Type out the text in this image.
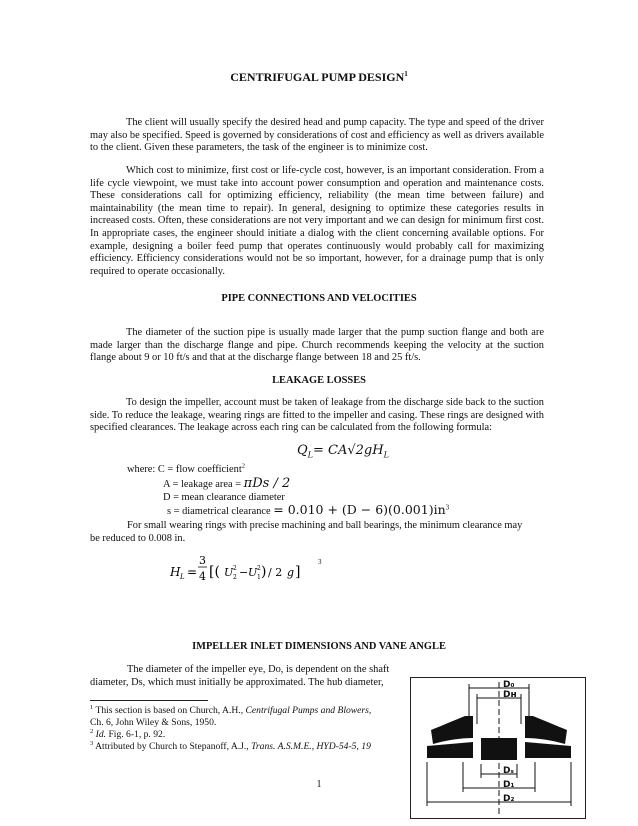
CENTRIFUGAL PUMP DESIGN$^1$
The client will usually specify the desired head and pump capacity. The type and speed of the driver may also be specified. Speed is governed by considerations of cost and efficiency as well as drivers available to the client. Given these parameters, the task of the engineer is to minimize cost.
Which cost to minimize, first cost or life-cycle cost, however, is an important consideration. From a life cycle viewpoint, we must take into account power consumption and operation and maintenance costs. These considerations call for optimizing efficiency, reliability (the mean time between failure) and maintainability (the mean time to repair). In general, designing to optimize these categories results in increased costs. Often, these considerations are not very important and we can design for minimum first cost. In appropriate cases, the engineer should initiate a dialog with the client concerning available options. For example, designing a boiler feed pump that operates continuously would probably call for maximizing efficiency. Efficiency considerations would not be so important, however, for a drainage pump that is only required to operate occasionally.
PIPE CONNECTIONS AND VELOCITIES
The diameter of the suction pipe is usually made larger that the pump suction flange and both are made larger than the discharge flange and pipe. Church recommends keeping the velocity at the suction flange about 9 or 10 ft/s and that at the discharge flange between 18 and 25 ft/s.
LEAKAGE LOSSES
To design the impeller, account must be taken of leakage from the discharge side back to the suction side. To reduce the leakage, wearing rings are fitted to the impeller and casing. These rings are designed with specified clearances. The leakage across each ring can be calculated from the following formula:
$Q_L= CA√2gH_L$
where: C = flow coefficient$^2$
A = leakage area = πDs / 2
D = mean clearance diameter
s = diametrical clearance = $0.010 + (D - 6)(0.001)in^3$
For small wearing rings with precise machining and ball bearings, the minimum clearance may
be reduced to 0.008 in.
H L =
3
4 [( U 2
2 − U 2
1 ) / 2 g ]
3
IMPELLER INLET DIMENSIONS AND VANE ANGLE
The diameter of the impeller eye, Do, is dependent on the shaft
diameter, Ds, which must initially be approximated. The hub diameter,
$^1$ This section is based on Church, A.H., Centrifugal Pumps and Blowers,
Ch. 6, John Wiley & Sons, 1950.
$^2$ Id. Fig. 6-1, p. 92.
$^3$ Attributed by Church to Stepanoff, A.J., Trans. A.S.M.E., HYD-54-5, 19
1
D₀
Dʜ
Dₛ
D₁
D₂
